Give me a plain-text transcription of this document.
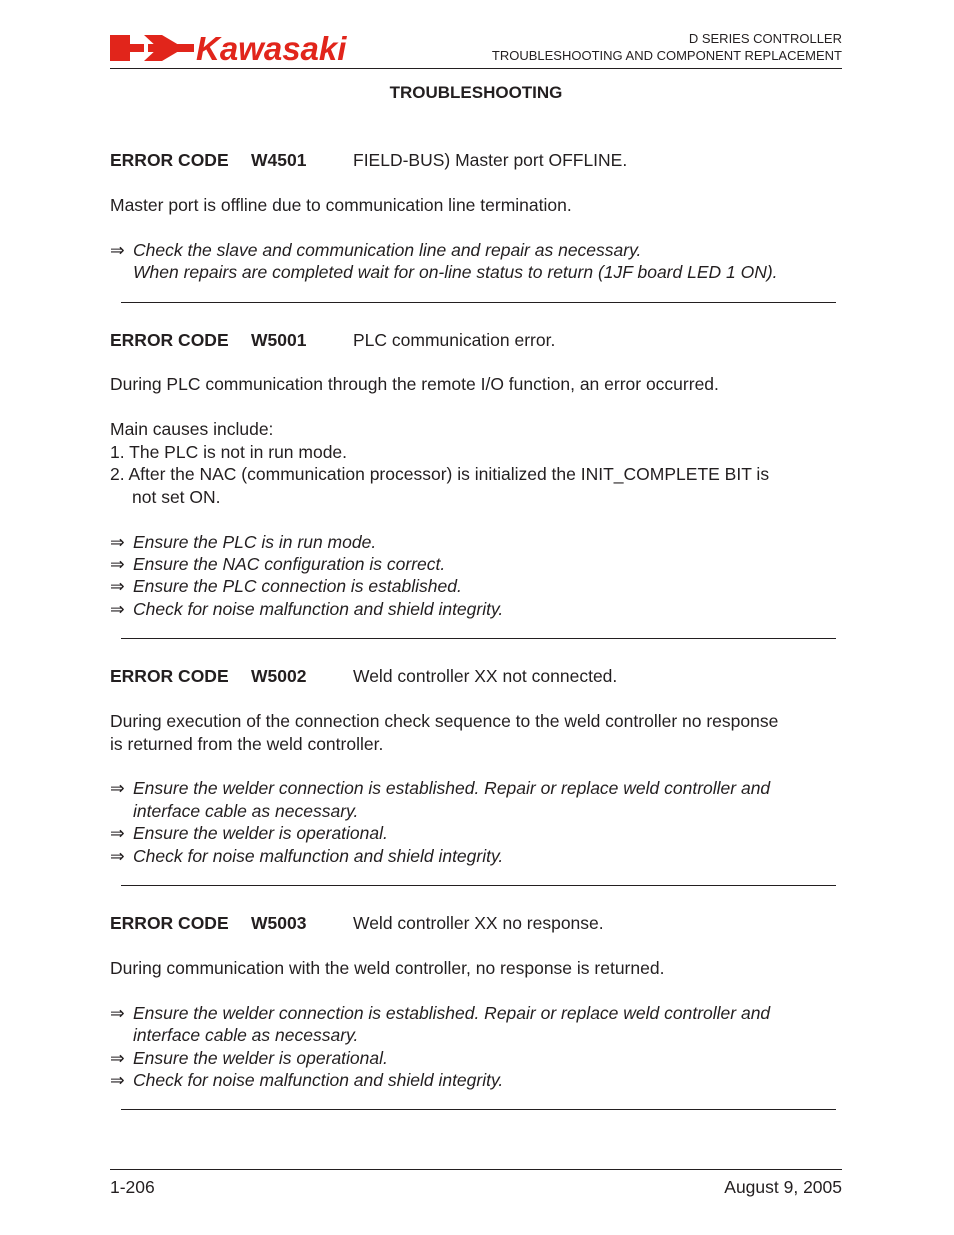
Kawasaki	D SERIES CONTROLLER
TROUBLESHOOTING AND COMPONENT REPLACEMENT
TROUBLESHOOTING
ERROR CODE W4501	FIELD-BUS) Master port OFFLINE.
Master port is offline due to communication line termination.
⇒ Check the slave and communication line and repair as necessary.
When repairs are completed wait for on-line status to return (1JF board LED 1 ON).
ERROR CODE W5001	PLC communication error.
During PLC communication through the remote I/O function, an error occurred.
Main causes include:
1. The PLC is not in run mode.
2. After the NAC (communication processor) is initialized the INIT_COMPLETE BIT is
not set ON.
⇒ Ensure the PLC is in run mode.
⇒ Ensure the NAC configuration is correct.
⇒ Ensure the PLC connection is established.
⇒ Check for noise malfunction and shield integrity.
ERROR CODE W5002	Weld controller XX not connected.
During execution of the connection check sequence to the weld controller no response
is returned from the weld controller.
⇒ Ensure the welder connection is established. Repair or replace weld controller and
interface cable as necessary.
⇒ Ensure the welder is operational.
⇒ Check for noise malfunction and shield integrity.
ERROR CODE W5003	Weld controller XX no response.
During communication with the weld controller, no response is returned.
⇒ Ensure the welder connection is established. Repair or replace weld controller and
interface cable as necessary.
⇒ Ensure the welder is operational.
⇒ Check for noise malfunction and shield integrity.
1-206	August 9, 2005
